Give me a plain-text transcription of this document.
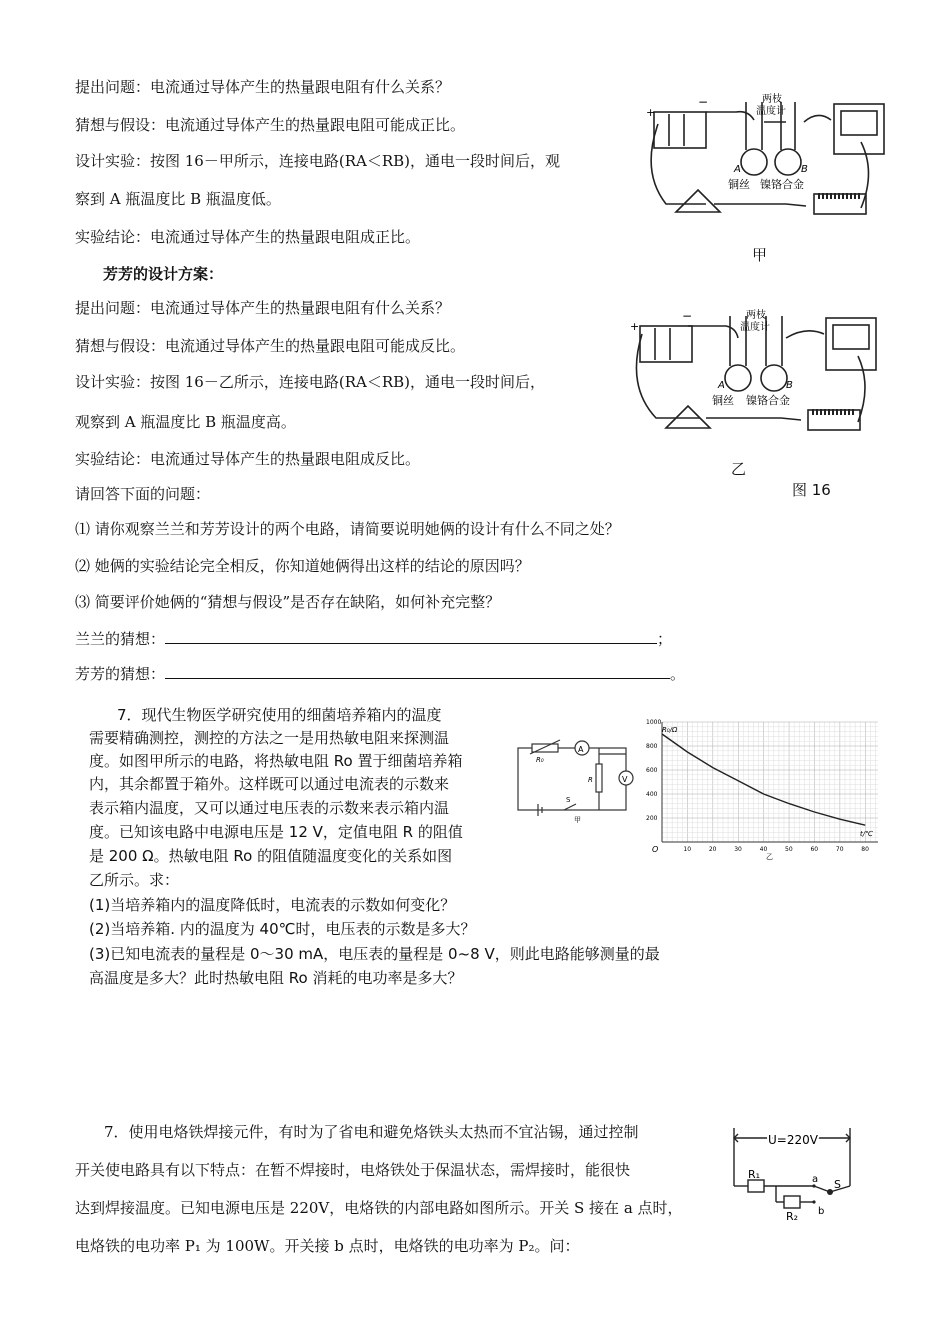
提出问题：电流通过导体产生的热量跟电阻有什么关系？
猜想与假设：电流通过导体产生的热量跟电阻可能成正比。
设计实验：按图 16－甲所示，连接电路(RA＜RB)，通电一段时间后，观
察到 A 瓶温度比 B 瓶温度低。
实验结论：电流通过导体产生的热量跟电阻成正比。
芳芳的设计方案：
提出问题：电流通过导体产生的热量跟电阻有什么关系？
猜想与假设：电流通过导体产生的热量跟电阻可能成反比。
设计实验：按图 16－乙所示，连接电路(RA＜RB)，通电一段时间后，
观察到 A 瓶温度比 B 瓶温度高。
实验结论：电流通过导体产生的热量跟电阻成反比。
请回答下面的问题：
⑴ 请你观察兰兰和芳芳设计的两个电路，请简要说明她俩的设计有什么不同之处？
⑵ 她俩的实验结论完全相反，你知道她俩得出这样的结论的原因吗？
⑶ 简要评价她俩的“猜想与假设”是否存在缺陷，如何补充完整？
兰兰的猜想：	；
芳芳的猜想：	。
+
−	两枝
温度计
A	B
铜丝 镍铬合金
甲
+
−	两枝
温度计
A	B
铜丝 镍铬合金
乙
图 16
7．现代生物医学研究使用的细菌培养箱内的温度
需要精确测控，测控的方法之一是用热敏电阻来探测温
度。如图甲所示的电路，将热敏电阻 Ro 置于细菌培养箱
内，其余都置于箱外。这样既可以通过电流表的示数来
表示箱内温度，又可以通过电压表的示数来表示箱内温
度。已知该电路中电源电压是 12 V，定值电阻 R 的阻值
是 200 Ω。热敏电阻 Ro 的阻值随温度变化的关系如图
乙所示。求：
(1)当培养箱内的温度降低时，电流表的示数如何变化？
(2)当培养箱. 内的温度为 40℃时，电压表的示数是多大？
(3)已知电流表的量程是 0～30 mA，电压表的量程是 0~8 V，则此电路能够测量的最
高温度是多大？此时热敏电阻 Ro 消耗的电功率是多大？
A
V
R
R₀
S
甲
10	20	30	40	50	60	70	80
200
400
600
800
1000
R₀/Ω
t/℃
O
乙
7．使用电烙铁焊接元件，有时为了省电和避免烙铁头太热而不宜沾锡，通过控制
开关使电路具有以下特点：在暂不焊接时，电烙铁处于保温状态，需焊接时，能很快
达到焊接温度。已知电源电压是 220V，电烙铁的内部电路如图所示。开关 S 接在 a 点时，
电烙铁的电功率 P₁ 为 100W。开关接 b 点时，电烙铁的电功率为 P₂。问：
U=220V
R₁
R₂
a
b
S
